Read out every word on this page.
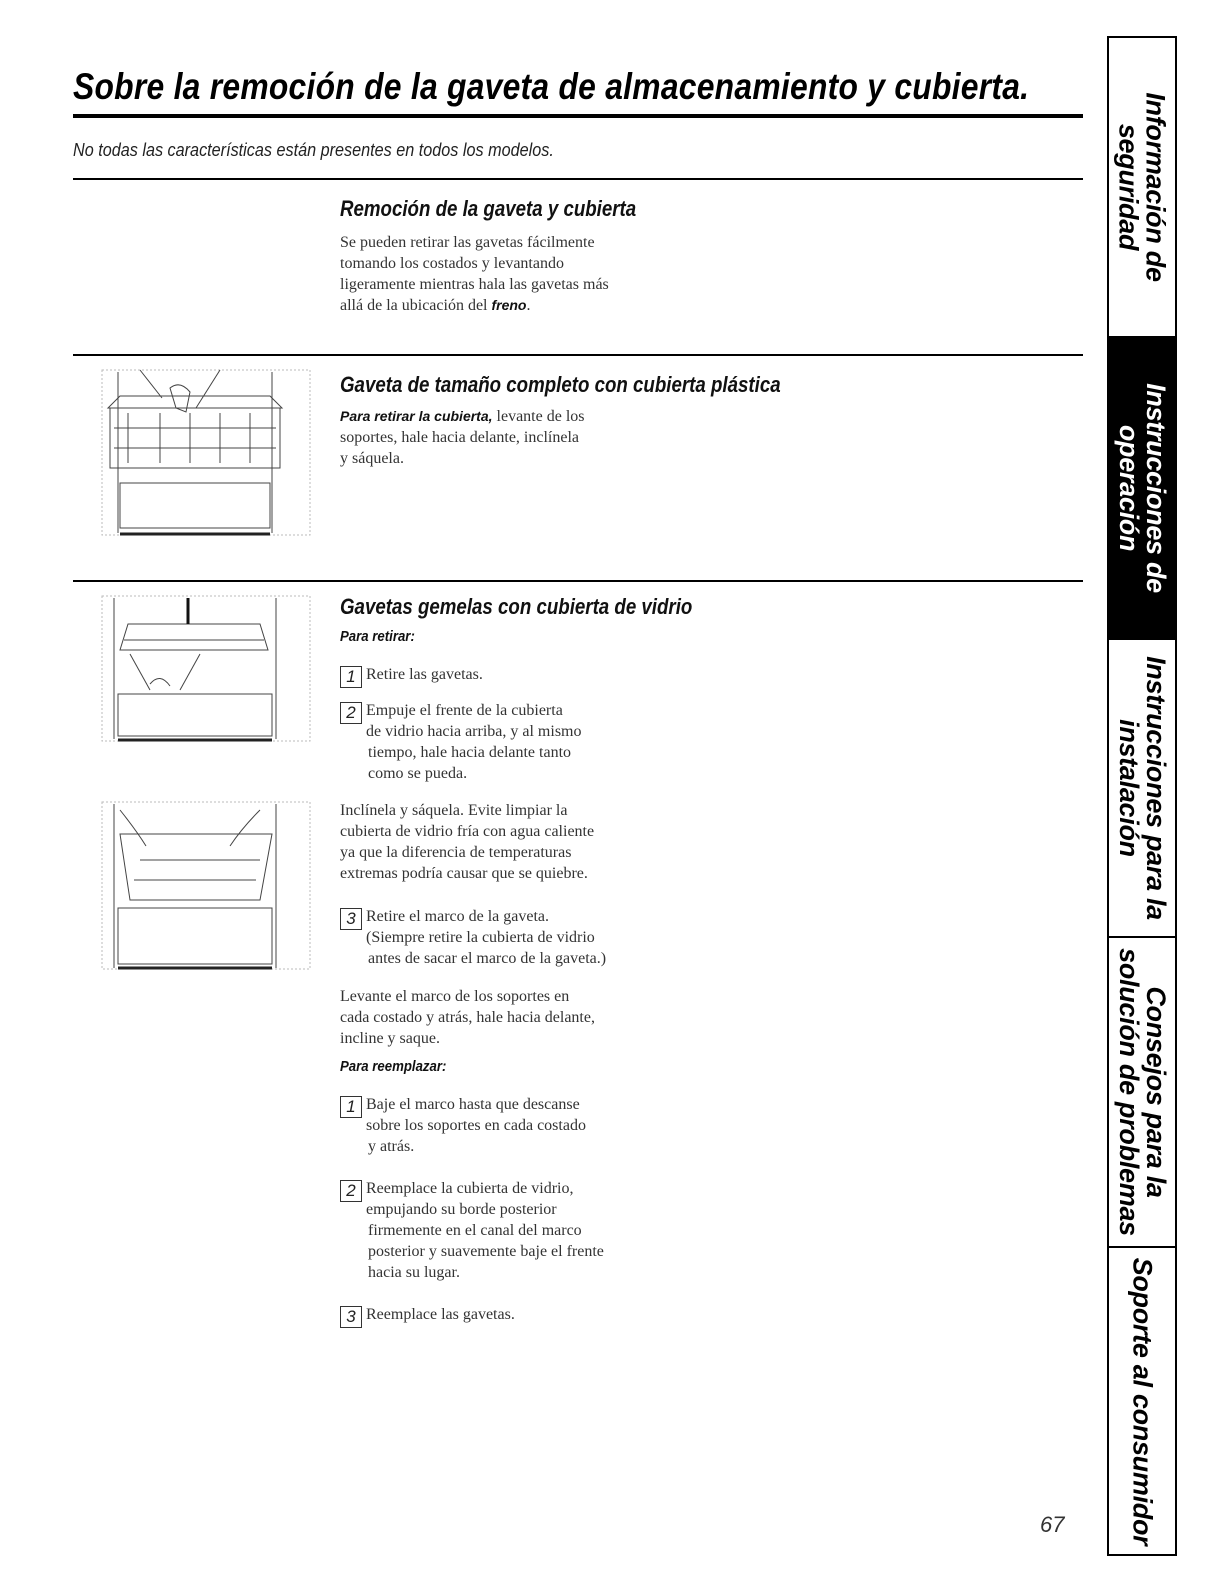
Sobre la remoción de la gaveta de almacenamiento y cubierta.
No todas las características están presentes en todos los modelos.
Remoción de la gaveta y cubierta
Se pueden retirar las gavetas fácilmente
tomando los costados y levantando
ligeramente mientras hala las gavetas más
allá de la ubicación del freno.
Gaveta de tamaño completo con cubierta plástica
Para retirar la cubierta, levante de los
soportes, hale hacia delante, inclínela
y sáquela.
Gavetas gemelas con cubierta de vidrio
Para retirar:
1 Retire las gavetas.
2 Empuje el frente de la cubierta
de vidrio hacia arriba, y al mismo
tiempo, hale hacia delante tanto
como se pueda.
Inclínela y sáquela. Evite limpiar la
cubierta de vidrio fría con agua caliente
ya que la diferencia de temperaturas
extremas podría causar que se quiebre.
3 Retire el marco de la gaveta.
(Siempre retire la cubierta de vidrio
antes de sacar el marco de la gaveta.)
Levante el marco de los soportes en
cada costado y atrás, hale hacia delante,
incline y saque.
Para reemplazar:
1 Baje el marco hasta que descanse
sobre los soportes en cada costado
y atrás.
2 Reemplace la cubierta de vidrio,
empujando su borde posterior
firmemente en el canal del marco
posterior y suavemente baje el frente
hacia su lugar.
3 Reemplace las gavetas.
67
Información de
seguridad
Instrucciones de
operación
Instrucciones para la
instalación
Consejos para la
solución de problemas
Soporte al consumidor
